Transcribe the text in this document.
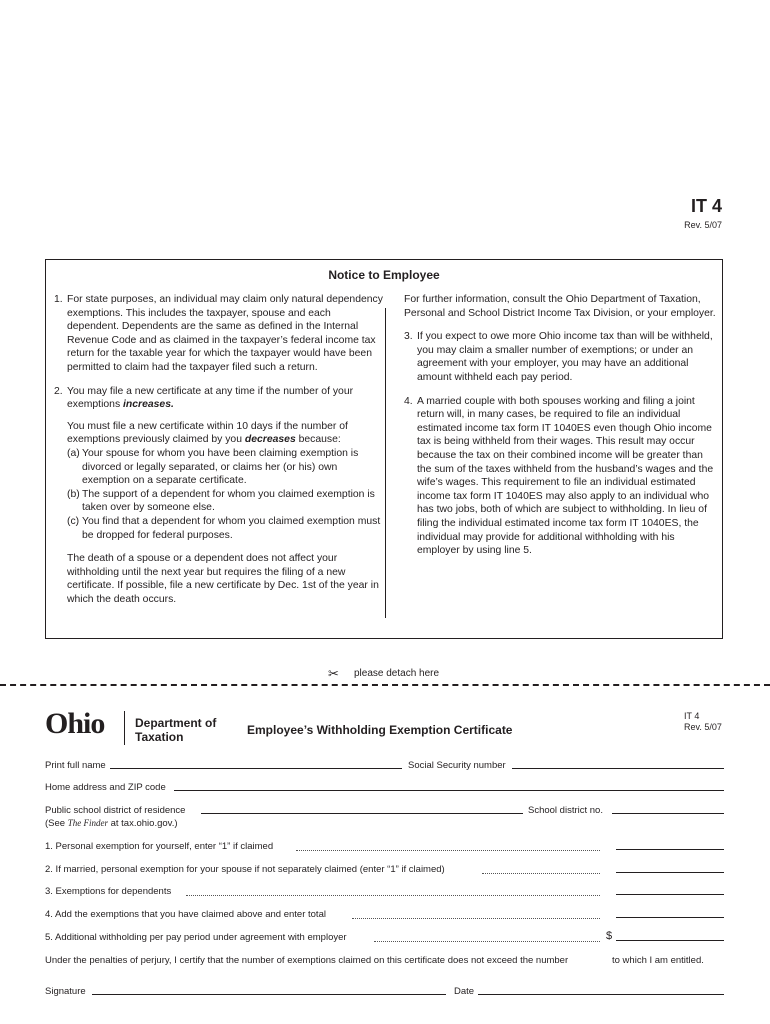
IT 4
Rev. 5/07
Notice to Employee
1. For state purposes, an individual may claim only natural dependency exemptions. This includes the taxpayer, spouse and each dependent. Dependents are the same as defined in the Internal Revenue Code and as claimed in the taxpayer’s federal income tax return for the taxable year for which the taxpayer would have been permitted to claim had the taxpayer filed such a return.
2. You may file a new certificate at any time if the number of your exemptions increases.

You must file a new certificate within 10 days if the number of exemptions previously claimed by you decreases because:

(a) Your spouse for whom you have been claiming exemption is divorced or legally separated, or claims her (or his) own exemption on a separate certificate.
(b) The support of a dependent for whom you claimed exemption is taken over by someone else.
(c) You find that a dependent for whom you claimed exemption must be dropped for federal purposes.

The death of a spouse or a dependent does not affect your withholding until the next year but requires the filing of a new certificate. If possible, file a new certificate by Dec. 1st of the year in which the death occurs.

For further information, consult the Ohio Department of Taxation, Personal and School District Income Tax Division, or your employer.

3. If you expect to owe more Ohio income tax than will be withheld, you may claim a smaller number of exemptions; or under an agreement with your employer, you may have an additional amount withheld each pay period.
4. A married couple with both spouses working and filing a joint return will, in many cases, be required to file an individual estimated income tax form IT 1040ES even though Ohio income tax is being withheld from their wages. This result may occur because the tax on their combined income will be greater than the sum of the taxes withheld from the husband’s wages and the wife’s wages. This requirement to file an individual estimated income tax form IT 1040ES may also apply to an individual who has two jobs, both of which are subject to withholding. In lieu of filing the individual estimated income tax form IT 1040ES, the individual may provide for additional withholding with his employer by using line 5.
✂ please detach here
Ohio	Department of
Taxation	Employee’s Withholding Exemption Certificate
IT 4
Rev. 5/07
Print full name	Social Security number
Home address and ZIP code
Public school district of residence	School district no.
(See The Finder at tax.ohio.gov.)
1. Personal exemption for yourself, enter “1” if claimed
2. If married, personal exemption for your spouse if not separately claimed (enter “1” if claimed)
3. Exemptions for dependents
4. Add the exemptions that you have claimed above and enter total
5. Additional withholding per pay period under agreement with employer	$
Under the penalties of perjury, I certify that the number of exemptions claimed on this certificate does not exceed the number	to which I am entitled.
Signature	Date
